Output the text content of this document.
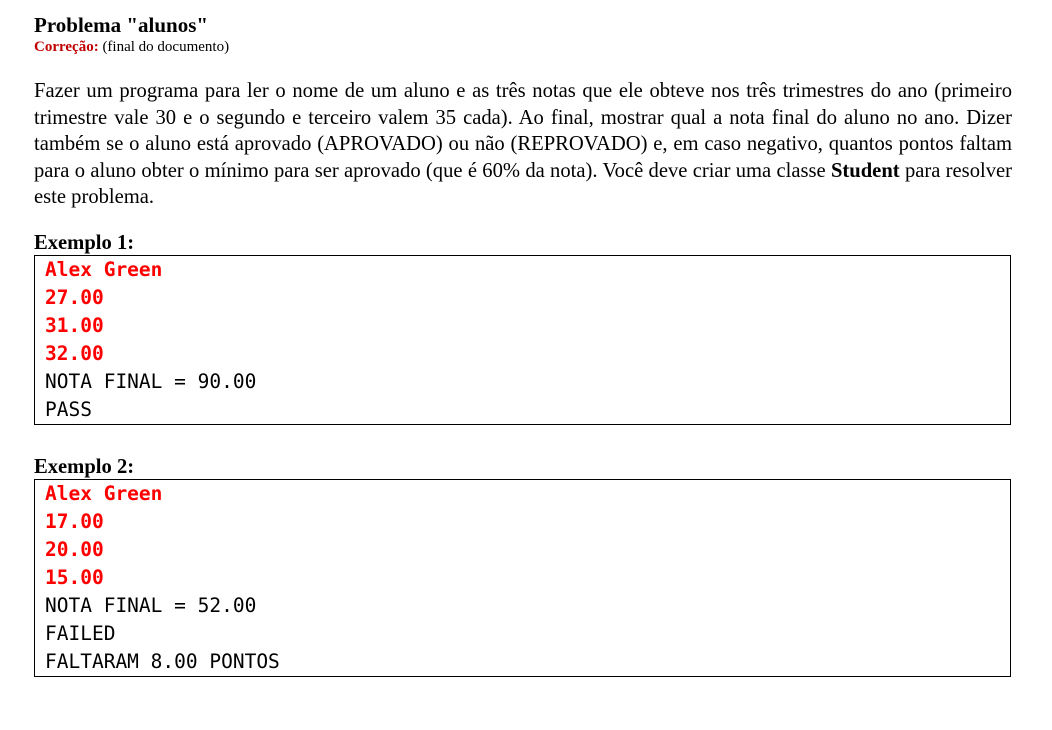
Problema "alunos"
Correção: (final do documento)
Fazer um programa para ler o nome de um aluno e as três notas que ele obteve nos três trimestres do ano (primeiro trimestre vale 30 e o segundo e terceiro valem 35 cada). Ao final, mostrar qual a nota final do aluno no ano. Dizer também se o aluno está aprovado (APROVADO) ou não (REPROVADO) e, em caso negativo, quantos pontos faltam para o aluno obter o mínimo para ser aprovado (que é 60% da nota). Você deve criar uma classe Student para resolver este problema.
Exemplo 1:
Alex Green
27.00
31.00
32.00
NOTA FINAL = 90.00
PASS
Exemplo 2:
Alex Green
17.00
20.00
15.00
NOTA FINAL = 52.00
FAILED
FALTARAM 8.00 PONTOS
